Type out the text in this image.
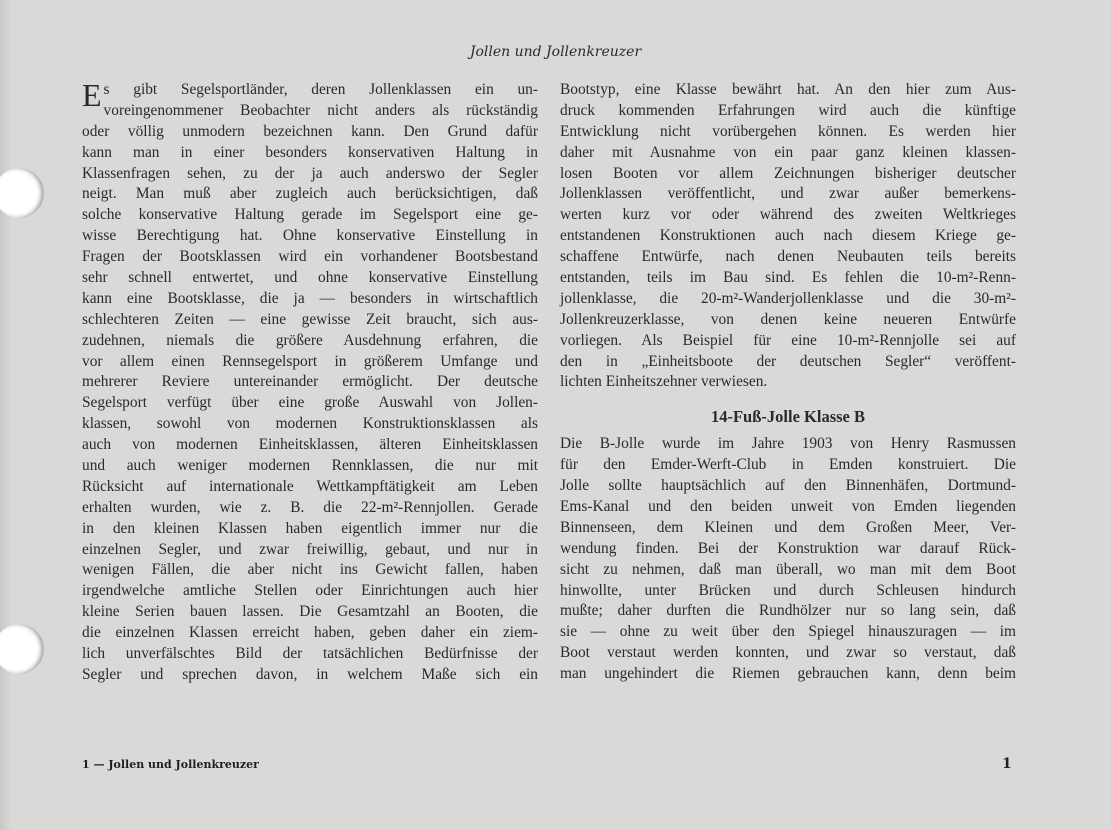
Jollen und Jollenkreuzer
Es gibt Segelsportländer, deren Jollenklassen ein un-
voreingenommener Beobachter nicht anders als rückständig
oder völlig unmodern bezeichnen kann. Den Grund dafür
kann man in einer besonders konservativen Haltung in
Klassenfragen sehen, zu der ja auch anderswo der Segler
neigt. Man muß aber zugleich auch berücksichtigen, daß
solche konservative Haltung gerade im Segelsport eine ge-
wisse Berechtigung hat. Ohne konservative Einstellung in
Fragen der Bootsklassen wird ein vorhandener Bootsbestand
sehr schnell entwertet, und ohne konservative Einstellung
kann eine Bootsklasse, die ja — besonders in wirtschaftlich
schlechteren Zeiten — eine gewisse Zeit braucht, sich aus-
zudehnen, niemals die größere Ausdehnung erfahren, die
vor allem einen Rennsegelsport in größerem Umfange und
mehrerer Reviere untereinander ermöglicht. Der deutsche
Segelsport verfügt über eine große Auswahl von Jollen-
klassen, sowohl von modernen Konstruktionsklassen als
auch von modernen Einheitsklassen, älteren Einheitsklassen
und auch weniger modernen Rennklassen, die nur mit
Rücksicht auf internationale Wettkampftätigkeit am Leben
erhalten wurden, wie z. B. die 22-m²-Rennjollen. Gerade
in den kleinen Klassen haben eigentlich immer nur die
einzelnen Segler, und zwar freiwillig, gebaut, und nur in
wenigen Fällen, die aber nicht ins Gewicht fallen, haben
irgendwelche amtliche Stellen oder Einrichtungen auch hier
kleine Serien bauen lassen. Die Gesamtzahl an Booten, die
die einzelnen Klassen erreicht haben, geben daher ein ziem-
lich unverfälschtes Bild der tatsächlichen Bedürfnisse der
Segler und sprechen davon, in welchem Maße sich ein
Bootstyp, eine Klasse bewährt hat. An den hier zum Aus-
druck kommenden Erfahrungen wird auch die künftige
Entwicklung nicht vorübergehen können. Es werden hier
daher mit Ausnahme von ein paar ganz kleinen klassen-
losen Booten vor allem Zeichnungen bisheriger deutscher
Jollenklassen veröffentlicht, und zwar außer bemerkens-
werten kurz vor oder während des zweiten Weltkrieges
entstandenen Konstruktionen auch nach diesem Kriege ge-
schaffene Entwürfe, nach denen Neubauten teils bereits
entstanden, teils im Bau sind. Es fehlen die 10-m²-Renn-
jollenklasse, die 20-m²-Wanderjollenklasse und die 30-m²-
Jollenkreuzerklasse, von denen keine neueren Entwürfe
vorliegen. Als Beispiel für eine 10-m²-Rennjolle sei auf
den in „Einheitsboote der deutschen Segler“ veröffent-
lichten Einheitszehner verwiesen.
14-Fuß-Jolle Klasse B
Die B-Jolle wurde im Jahre 1903 von Henry Rasmussen
für den Emder-Werft-Club in Emden konstruiert. Die
Jolle sollte hauptsächlich auf den Binnenhäfen, Dortmund-
Ems-Kanal und den beiden unweit von Emden liegenden
Binnenseen, dem Kleinen und dem Großen Meer, Ver-
wendung finden. Bei der Konstruktion war darauf Rück-
sicht zu nehmen, daß man überall, wo man mit dem Boot
hinwollte, unter Brücken und durch Schleusen hindurch
mußte; daher durften die Rundhölzer nur so lang sein, daß
sie — ohne zu weit über den Spiegel hinauszuragen — im
Boot verstaut werden konnten, und zwar so verstaut, daß
man ungehindert die Riemen gebrauchen kann, denn beim
1 — Jollen und Jollenkreuzer	1
